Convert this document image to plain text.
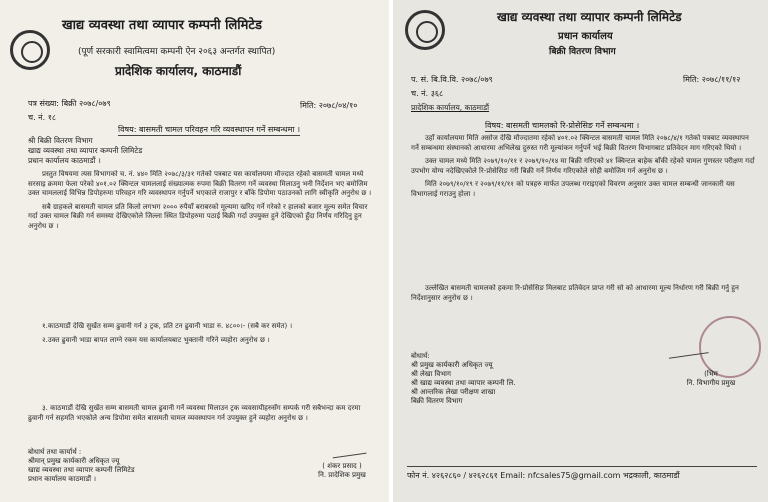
खाद्य व्यवस्था तथा व्यापार कम्पनी लिमिटेड
(पूर्ण सरकारी स्वामित्वमा कम्पनी ऐन २०६३ अन्तर्गत स्थापित)
प्रादेशिक कार्यालय, काठमाडौं
पत्र संख्या: बिक्री २०७८/०७९
च. नं. १८
मिति: २०७८/०४/१०
विषय: बासमती चामल परिवहन गरि व्यवस्थापन गर्ने सम्बन्धमा ।
श्री बिक्री वितरण विभाग
खाद्य व्यवस्था तथा व्यापार कम्पनी लिमिटेड
प्रधान कार्यालय काठमाडौं ।

प्रस्तुत विषयमा त्यस विभागको च. नं. ४४० मिति २०७८/३/३१ गतेको पत्रबाट यस कार्यालयमा मौज्दात रहेको बासमती चामल मध्ये सरसाइ क्रममा फेला परेको ४०१.०२ क्विन्टल चामललाई संख्यात्मक रुपमा बिक्री वितरण गर्ने व्यवस्था मिलाउनु भनी निर्देशन भए बमोजिम उक्त चामललाई विभिन्न डिपोहरुमा परिवहन गरि व्यवस्थापन गर्नुपर्ने भएकाले राजापुर र बाँके डिपोमा पठाउनको लागि स्वीकृति अनुरोध छ ।

सबै ग्राहकले बासमती चामल प्रति किलो लगभग २००० रुपैयाँ बराबरको मूल्यमा खरिद गर्ने गरेको र हालको बजार मूल्य समेत विचार गर्दा उक्त चामल बिक्री गर्न समस्या देखिएकोले जिल्ला स्थित डिपोहरुमा पठाई बिक्री गर्दा उपयुक्त हुने देखिएको हुँदा निर्णय गरिदिनु हुन अनुरोध छ ।

१.काठमाडौं देखि सुर्खेत सम्म ढुवानी गर्न ३ ट्रक, प्रति टन ढुवानी भाडा रु. ४८००।- (सबै कर समेत) ।

२.उक्त ढुवानी भाडा बापत लाग्ने रकम यस कार्यालयबाट भुक्तानी गरिने व्यहोरा अनुरोध छ ।

३. काठमाडौं देखि सुर्खेत सम्म बासमती चामल ढुवानी गर्ने व्यवस्था मिलाउन ट्रक व्यवसायीहरुसँग सम्पर्क गरी सबैभन्दा कम दरमा ढुवानी गर्न सहमति भएकोले अन्य डिपोमा समेत बासमती चामल व्यवस्थापन गर्न उपयुक्त हुने व्यहोरा अनुरोध छ ।

( शंकर प्रसाद )
नि. प्रादेशिक प्रमुख
बोधार्थ तथा कार्यार्थ :
श्रीमान् प्रमुख कार्यकारी अधिकृत ज्यू
खाद्य व्यवस्था तथा व्यापार कम्पनी लिमिटेड
प्रधान कार्यालय काठमाडौं ।
खाद्य व्यवस्था तथा व्यापार कम्पनी लिमिटेड
प्रधान कार्यालय
बिक्री वितरण विभाग
प. सं. बि.वि.वि. २०७८/०७९
च. नं. ३६८
मिति: २०७८/११/१२
प्रादेशिक कार्यालय, काठमाडौं
विषय: बासमती चामलको रि-प्रोसेसिङ गर्ने सम्बन्धमा ।

उहाँ कार्यालयमा मिति असोज देखि मौज्दातमा रहेको ४०१.०२ क्विन्टल बासमती चामल मिति २०७८/४/१ गतेको पत्रबाट व्यवस्थापन गर्ने सम्बन्धमा संस्थानको आधारमा अभिलेख दुरुस्त गरी मूल्यांकन गर्नुपर्ने भई बिक्री वितरण विभागबाट प्रतिवेदन माग गरिएको थियो ।

उक्त चामल मध्ये मिति २०७९/१०/११ र २०७९/१०/१४ मा बिक्री गरिएको ४१ क्विन्टल बाहेक बाँकी रहेको चामल गुणस्तर परीक्षण गर्दा उपभोग योग्य नदेखिएकोले रि-प्रोसेसिङ गरी बिक्री गर्ने निर्णय गरिएकोले सोही बमोजिम गर्न अनुरोध छ ।

मिति २०७९/१०/१९ र २०७९/११/११ को पत्रहरु मार्फत उपलब्ध गराइएको विवरण अनुसार उक्त चामल सम्बन्धी जानकारी यस विभागलाई गराउनु होला ।

उल्लेखित बासमती चामलको हकमा रि-प्रोसेसिङ मिलबाट प्रतिवेदन प्राप्त गरी सो को आधारमा मूल्य निर्धारण गरी बिक्री गर्नु हुन निर्देशानुसार अनुरोध छ ।

(भिम
नि. विभागीय प्रमुख
बोधार्थ:
श्री प्रमुख कार्यकारी अधिकृत ज्यू
श्री लेखा विभाग
श्री खाद्य व्यवस्था तथा व्यापार कम्पनी लि.
श्री आन्तरिक लेखा परीक्षण शाखा
बिक्री वितरण विभाग
फोन नं. ४२६२८६० / ४२६२८६१ Email: nfcsales75@gmail.com भद्रकाली, काठमाडौं
